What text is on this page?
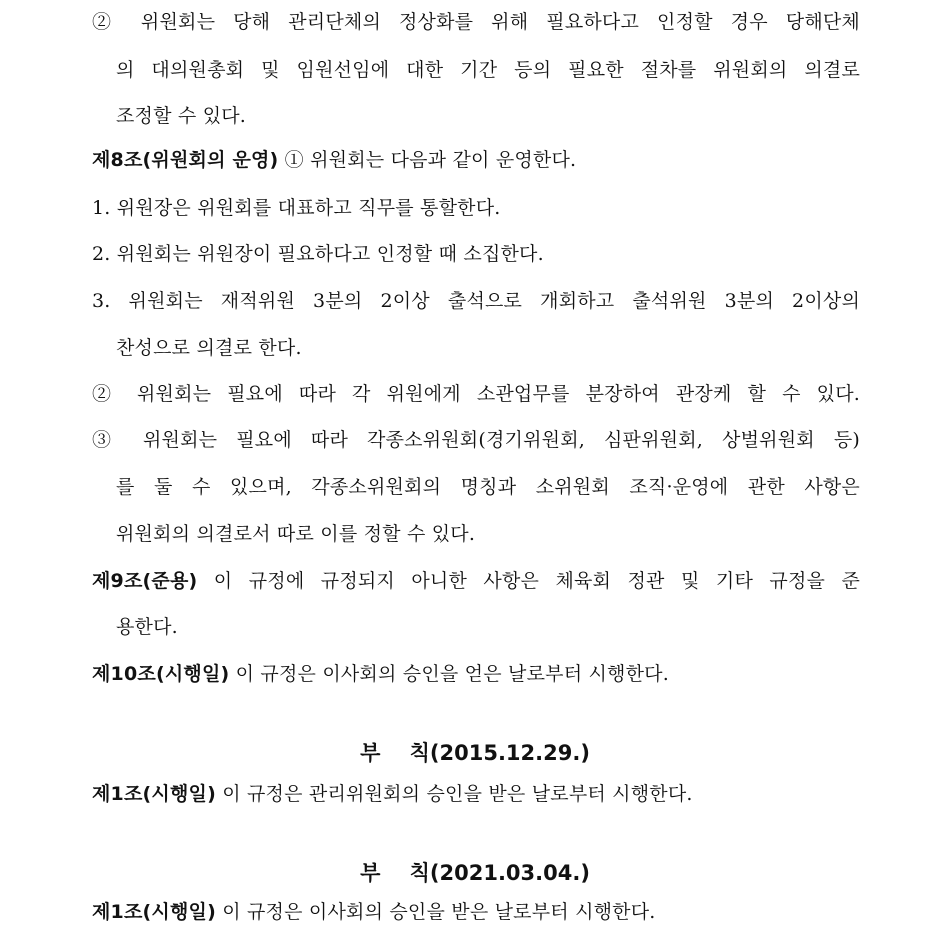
② 위원회는 당해 관리단체의 정상화를 위해 필요하다고 인정할 경우 당해단체
의 대의원총회 및 임원선임에 대한 기간 등의 필요한 절차를 위원회의 의결로
조정할 수 있다.
제8조(위원회의 운영) ① 위원회는 다음과 같이 운영한다.
1. 위원장은 위원회를 대표하고 직무를 통할한다.
2. 위원회는 위원장이 필요하다고 인정할 때 소집한다.
3. 위원회는 재적위원 3분의 2이상 출석으로 개회하고 출석위원 3분의 2이상의
찬성으로 의결로 한다.
② 위원회는 필요에 따라 각 위원에게 소관업무를 분장하여 관장케 할 수 있다.
③ 위원회는 필요에 따라 각종소위원회(경기위원회, 심판위원회, 상벌위원회 등)
를 둘 수 있으며, 각종소위원회의 명칭과 소위원회 조직·운영에 관한 사항은
위원회의 의결로서 따로 이를 정할 수 있다.
제9조(준용) 이 규정에 규정되지 아니한 사항은 체육회 정관 및 기타 규정을 준
용한다.
제10조(시행일) 이 규정은 이사회의 승인을 얻은 날로부터 시행한다.
부    칙(2015.12.29.)
제1조(시행일) 이 규정은 관리위원회의 승인을 받은 날로부터 시행한다.
부    칙(2021.03.04.)
제1조(시행일) 이 규정은 이사회의 승인을 받은 날로부터 시행한다.
